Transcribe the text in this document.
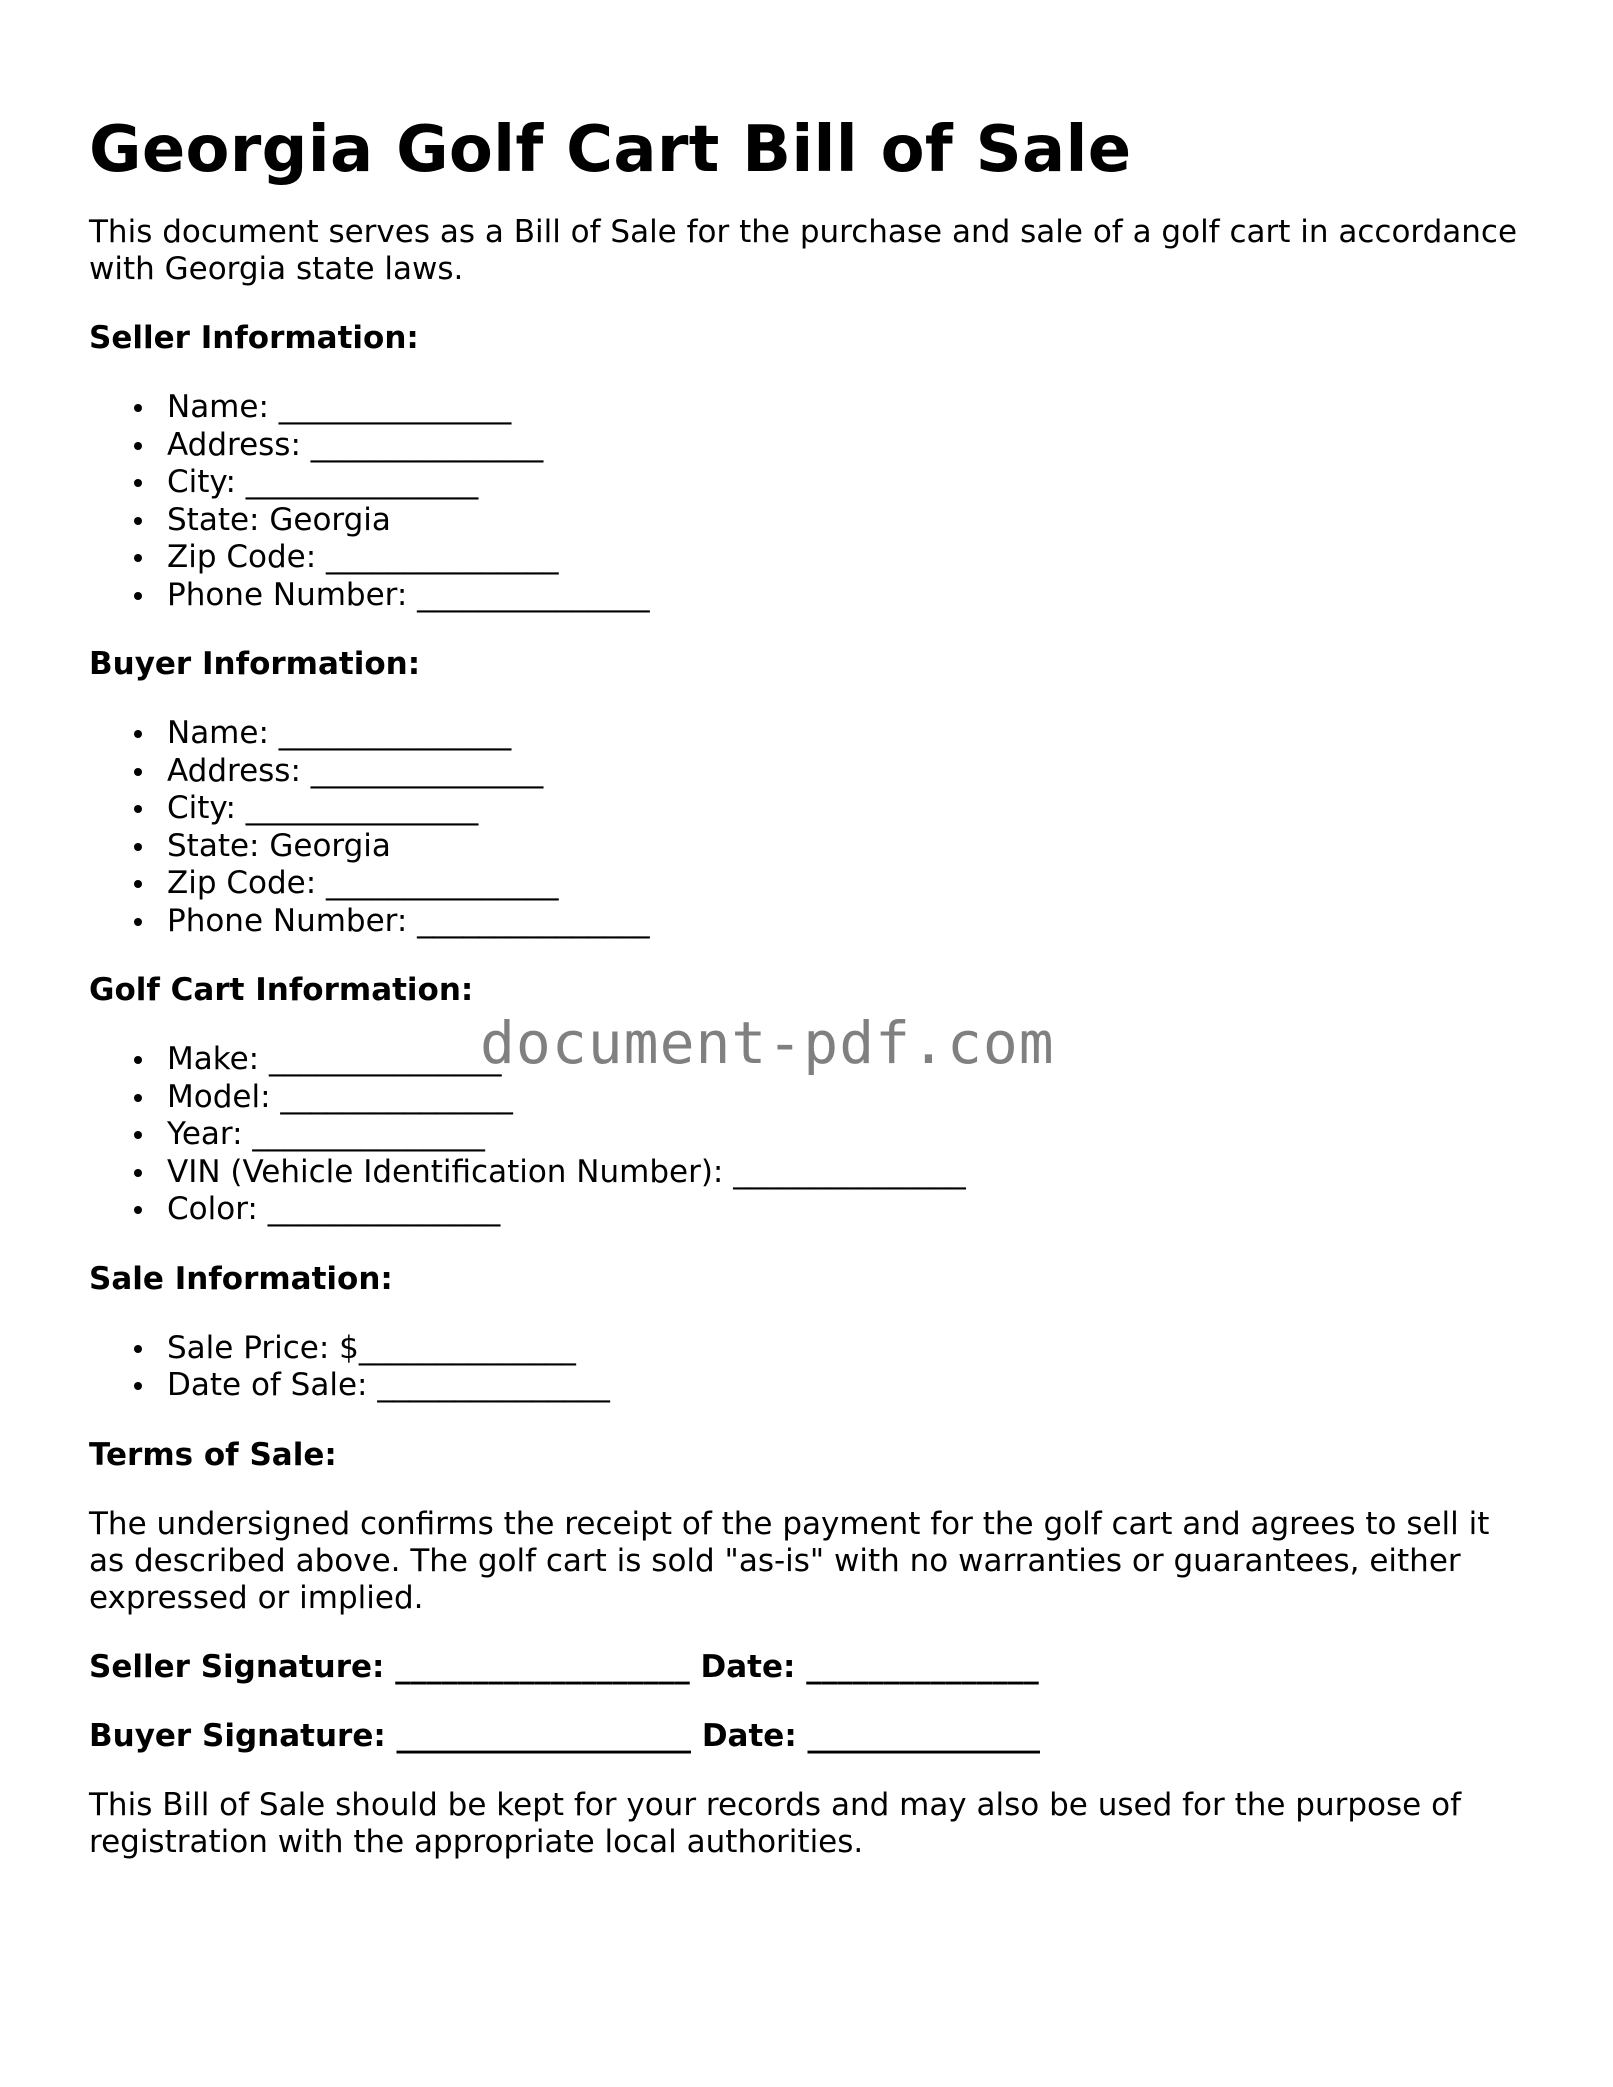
Georgia Golf Cart Bill of Sale

This document serves as a Bill of Sale for the purchase and sale of a golf cart in accordance with Georgia state laws.

Seller Information:
Name: _______________
Address: _______________
City: _______________
State: Georgia
Zip Code: _______________
Phone Number: _______________
Buyer Information:
Name: _______________
Address: _______________
City: _______________
State: Georgia
Zip Code: _______________
Phone Number: _______________
Golf Cart Information:
Make: _______________
Model: _______________
Year: _______________
VIN (Vehicle Identification Number): _______________
Color: _______________
Sale Information:
Sale Price: $______________
Date of Sale: _______________
Terms of Sale:

The undersigned confirms the receipt of the payment for the golf cart and agrees to sell it as described above. The golf cart is sold "as-is" with no warranties or guarantees, either expressed or implied.

Seller Signature: ___________________ Date: _______________
Buyer Signature: ___________________ Date: _______________

This Bill of Sale should be kept for your records and may also be used for the purpose of registration with the appropriate local authorities.

document-pdf.com
